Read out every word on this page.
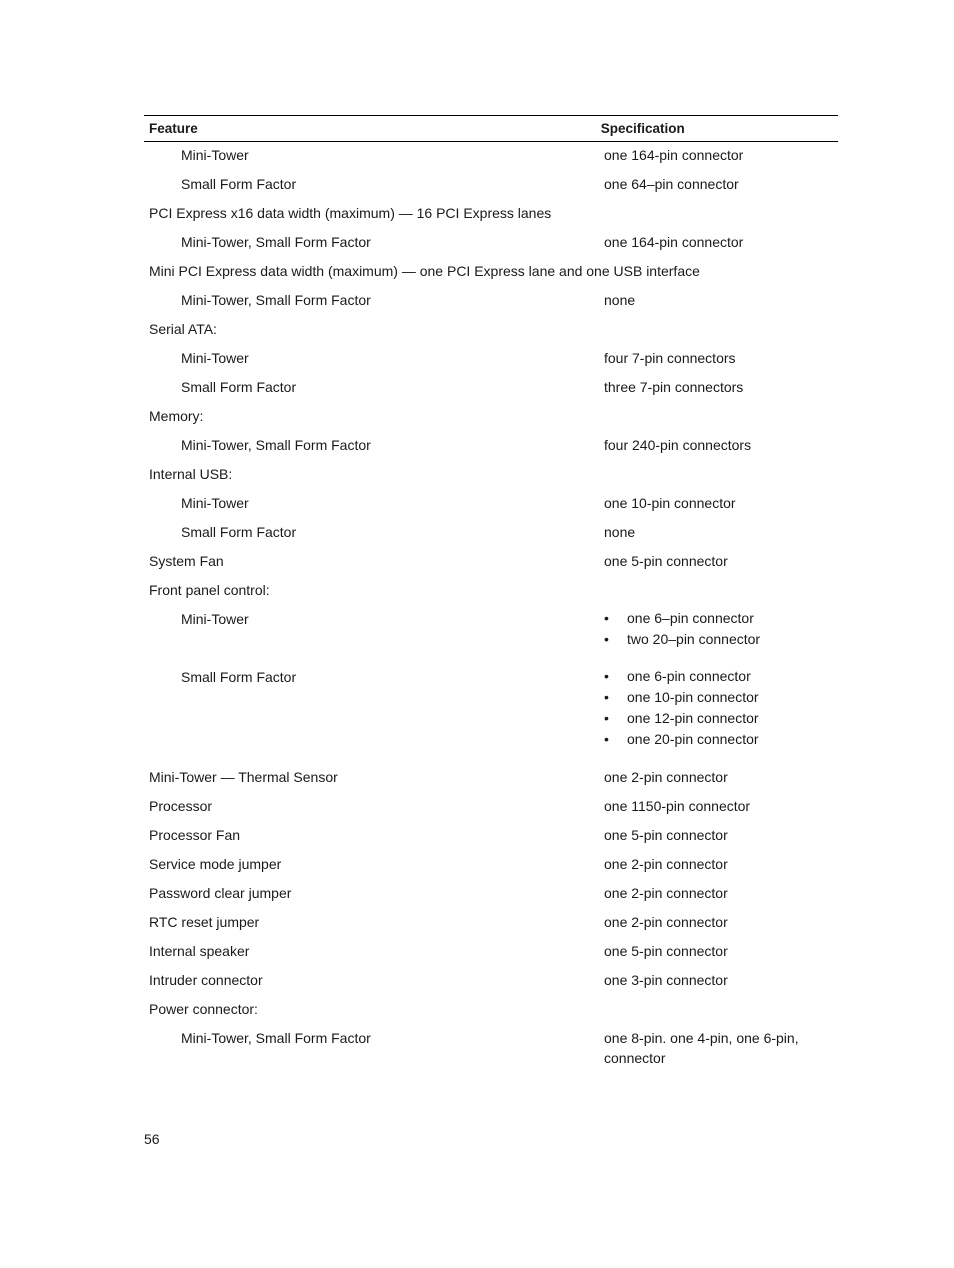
Feature	Specification
Mini-Tower	one 164-pin connector
Small Form Factor	one 64–pin connector
PCI Express x16 data width (maximum) — 16 PCI Express lanes
Mini-Tower, Small Form Factor	one 164-pin connector
Mini PCI Express data width (maximum) — one PCI Express lane and one USB interface
Mini-Tower, Small Form Factor	none
Serial ATA:
Mini-Tower	four 7-pin connectors
Small Form Factor	three 7-pin connectors
Memory:
Mini-Tower, Small Form Factor	four 240-pin connectors
Internal USB:
Mini-Tower	one 10-pin connector
Small Form Factor	none
System Fan	one 5-pin connector
Front panel control:
Mini-Tower	• one 6–pin connector
• two 20–pin connector
Small Form Factor	• one 6-pin connector
• one 10-pin connector
• one 12-pin connector
• one 20-pin connector
Mini-Tower — Thermal Sensor	one 2-pin connector
Processor	one 1150-pin connector
Processor Fan	one 5-pin connector
Service mode jumper	one 2-pin connector
Password clear jumper	one 2-pin connector
RTC reset jumper	one 2-pin connector
Internal speaker	one 5-pin connector
Intruder connector	one 3-pin connector
Power connector:
Mini-Tower, Small Form Factor	one 8-pin. one 4-pin, one 6-pin, connector
56
